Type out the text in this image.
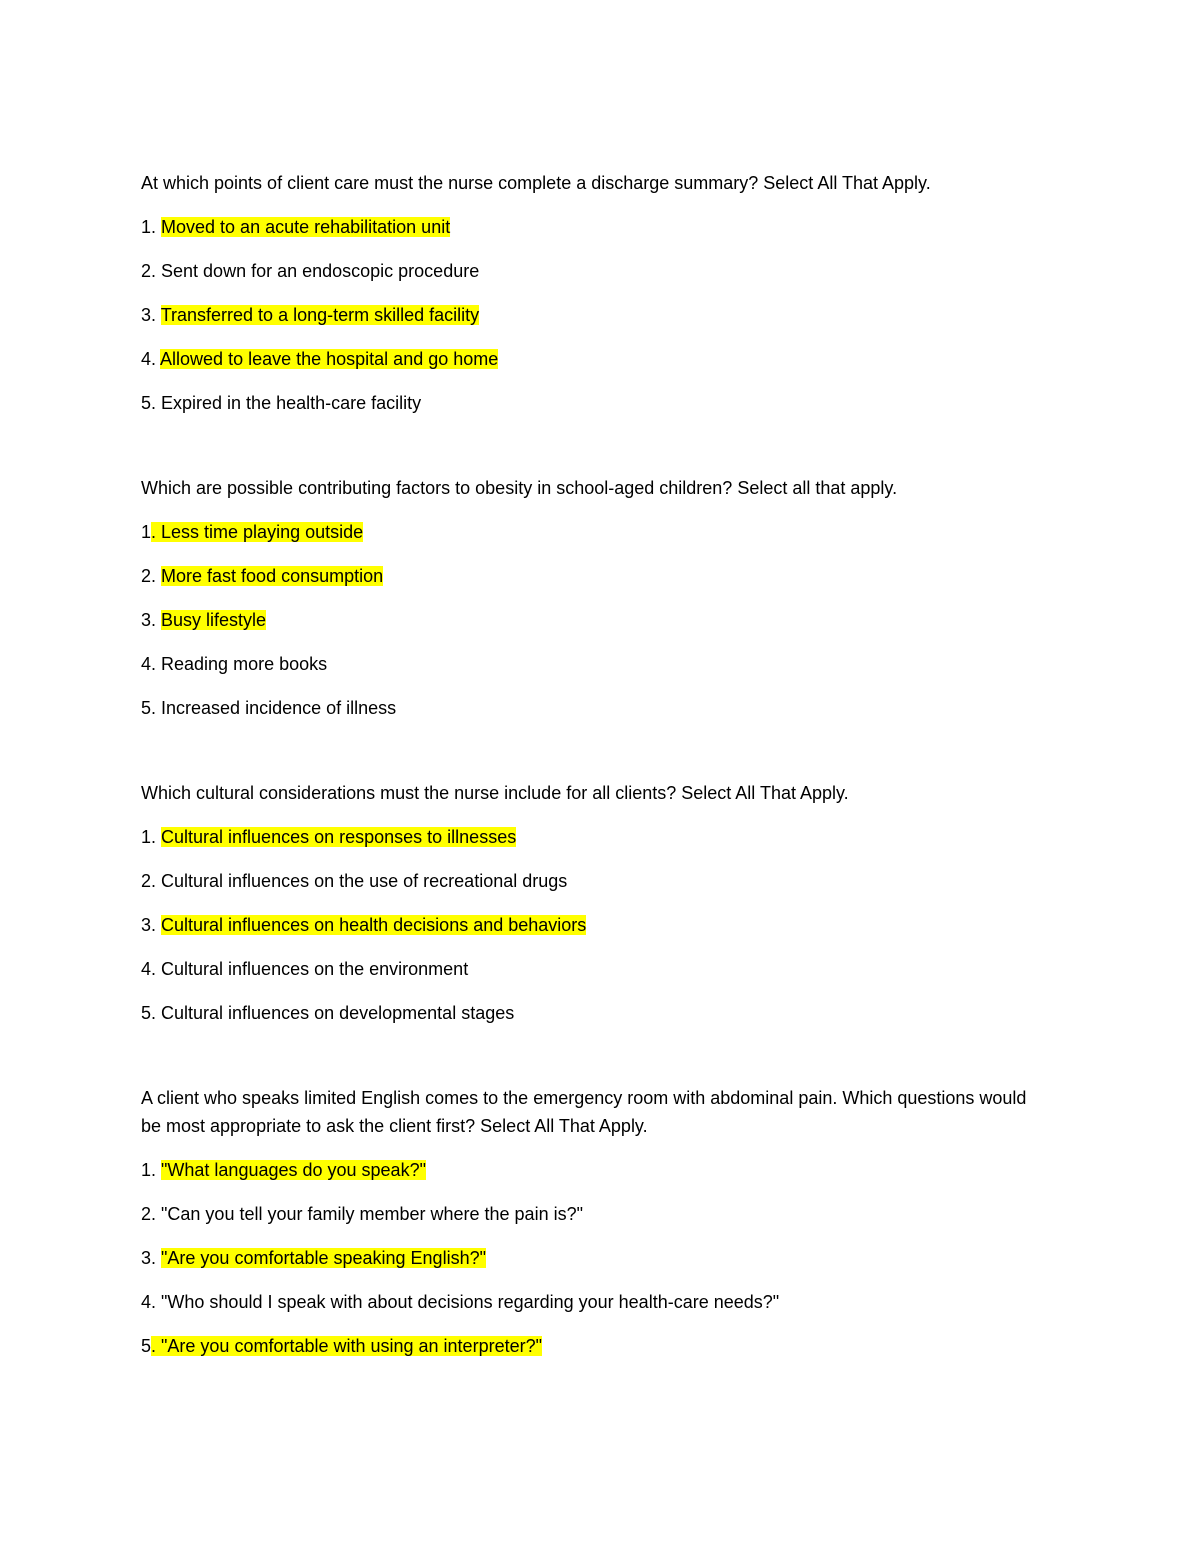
At which points of client care must the nurse complete a discharge summary? Select All That Apply.

1. Moved to an acute rehabilitation unit
2. Sent down for an endoscopic procedure
3. Transferred to a long-term skilled facility
4. Allowed to leave the hospital and go home
5. Expired in the health-care facility

Which are possible contributing factors to obesity in school-aged children? Select all that apply.

1. Less time playing outside
2. More fast food consumption
3. Busy lifestyle
4. Reading more books
5. Increased incidence of illness

Which cultural considerations must the nurse include for all clients? Select All That Apply.

1. Cultural influences on responses to illnesses
2. Cultural influences on the use of recreational drugs
3. Cultural influences on health decisions and behaviors
4. Cultural influences on the environment
5. Cultural influences on developmental stages

A client who speaks limited English comes to the emergency room with abdominal pain. Which questions would be most appropriate to ask the client first? Select All That Apply.

1. "What languages do you speak?"
2. "Can you tell your family member where the pain is?"
3. "Are you comfortable speaking English?"
4. "Who should I speak with about decisions regarding your health-care needs?"
5. "Are you comfortable with using an interpreter?"
